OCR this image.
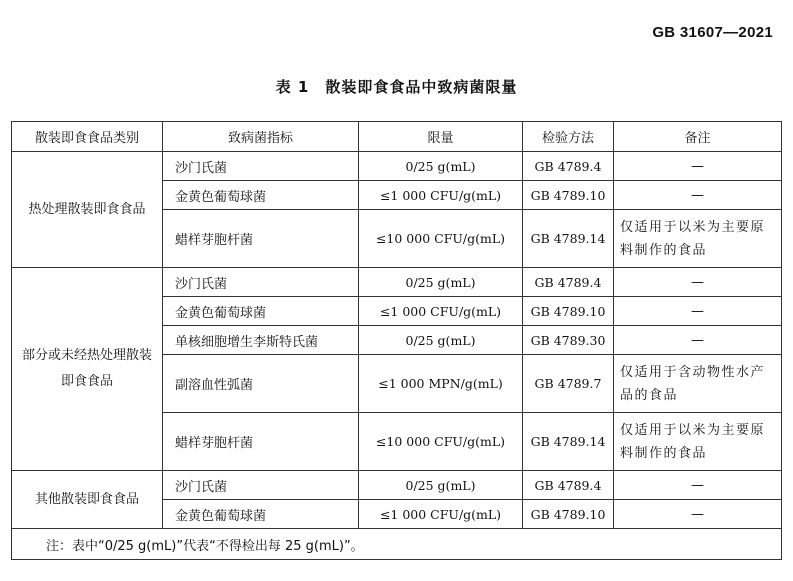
GB 31607—2021
表 1　散装即食食品中致病菌限量
散装即食食品类别	致病菌指标	限量	检验方法	备注
热处理散装即食食品	沙门氏菌	0/25 g(mL)	GB 4789.4	—
	金黄色葡萄球菌	≤1 000 CFU/g(mL)	GB 4789.10	—
	蜡样芽胞杆菌	≤10 000 CFU/g(mL)	GB 4789.14	仅适用于以米为主要原料制作的食品
部分或未经热处理散装即食食品	沙门氏菌	0/25 g(mL)	GB 4789.4	—
	金黄色葡萄球菌	≤1 000 CFU/g(mL)	GB 4789.10	—
	单核细胞增生李斯特氏菌	0/25 g(mL)	GB 4789.30	—
	副溶血性弧菌	≤1 000 MPN/g(mL)	GB 4789.7	仅适用于含动物性水产品的食品
	蜡样芽胞杆菌	≤10 000 CFU/g(mL)	GB 4789.14	仅适用于以米为主要原料制作的食品
其他散装即食食品	沙门氏菌	0/25 g(mL)	GB 4789.4	—
	金黄色葡萄球菌	≤1 000 CFU/g(mL)	GB 4789.10	—
注：表中“0/25 g(mL)”代表“不得检出每 25 g(mL)”。				
